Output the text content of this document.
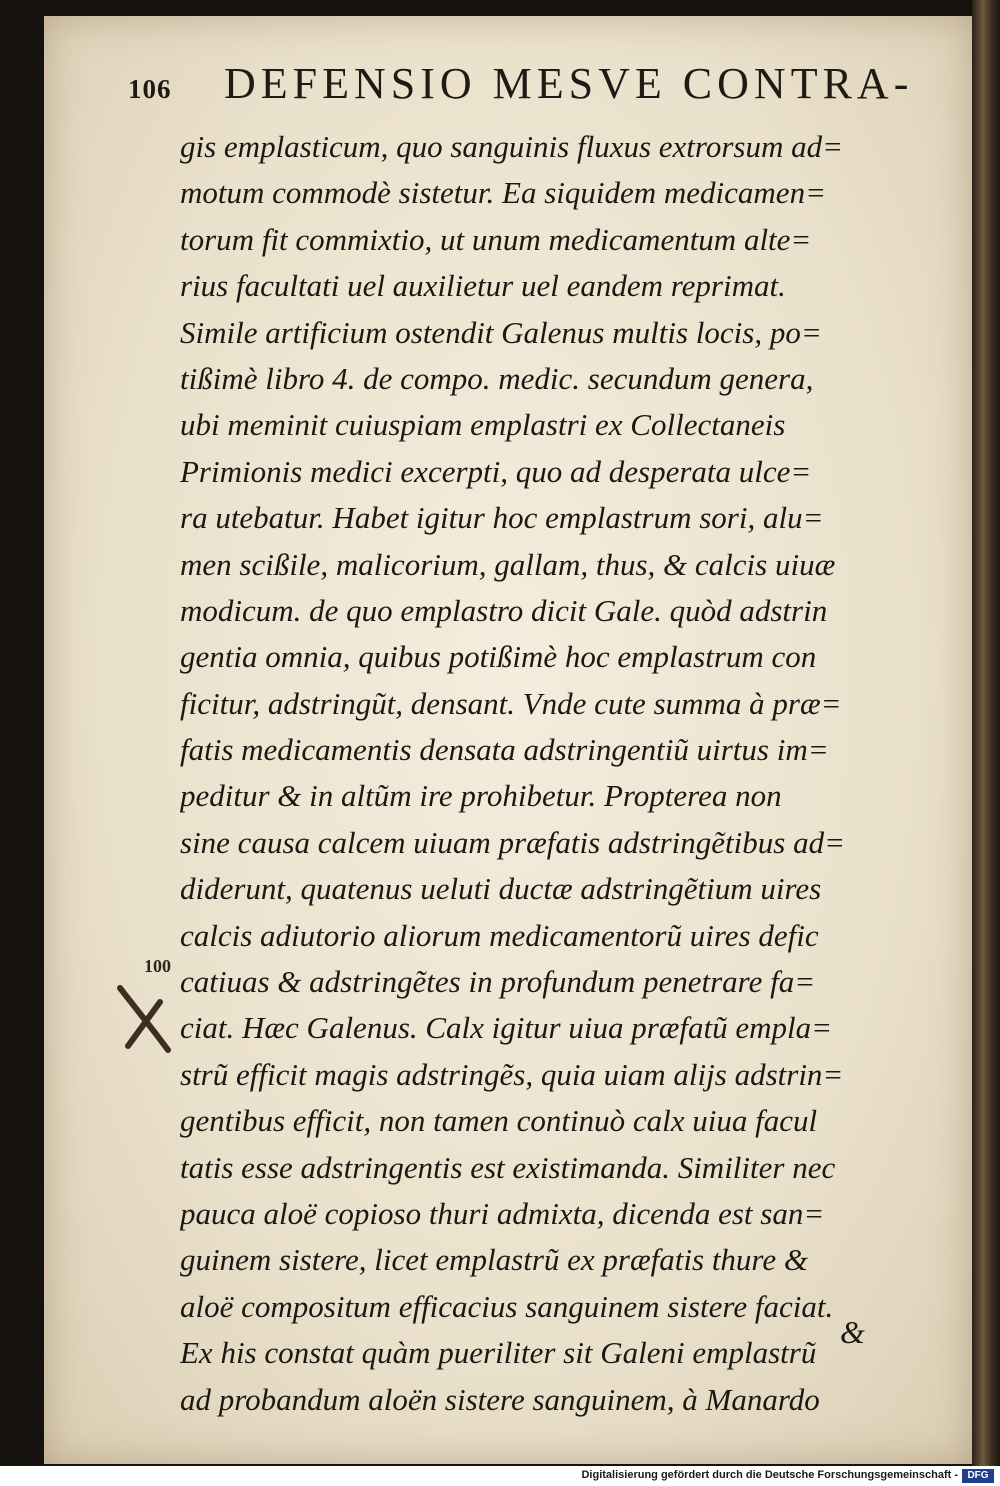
106 DEFENSIO MESVE CONTRA-
gis emplasticum, quo sanguinis fluxus extrorsum ad=
motum commodè sistetur. Ea siquidem medicamen=
torum fit commixtio, ut unum medicamentum alte=
rius facultati uel auxilietur uel eandem reprimat.
Simile artificium ostendit Galenus multis locis, po=
tißimè libro 4. de compo. medic. secundum genera,
ubi meminit cuiuspiam emplastri ex Collectaneis
Primionis medici excerpti, quo ad desperata ulce=
ra utebatur. Habet igitur hoc emplastrum sori, alu=
men scißile, malicorium, gallam, thus, & calcis uiuæ
modicum. de quo emplastro dicit Gale. quòd adstrin
gentia omnia, quibus potißimè hoc emplastrum con
ficitur, adstringũt, densant. Vnde cute summa à præ=
fatis medicamentis densata adstringentiũ uirtus im=
peditur & in altũm ire prohibetur. Propterea non
sine causa calcem uiuam præfatis adstringẽtibus ad=
diderunt, quatenus ueluti ductæ adstringẽtium uires
calcis adiutorio aliorum medicamentorũ uires defic
catiuas & adstringẽtes in profundum penetrare fa=
ciat. Hæc Galenus. Calx igitur uiua præfatũ empla=
strũ efficit magis adstringẽs, quia uiam alijs adstrin=
gentibus efficit, non tamen continuò calx uiua facul
tatis esse adstringentis est existimanda. Similiter nec
pauca aloë copioso thuri admixta, dicenda est san=
guinem sistere, licet emplastrũ ex præfatis thure &
aloë compositum efficacius sanguinem sistere faciat.
Ex his constat quàm pueriliter sit Galeni emplastrũ
ad probandum aloën sistere sanguinem, à Manardo
100
&
Digitalisierung gefördert durch die Deutsche Forschungsgemeinschaft - DFG
